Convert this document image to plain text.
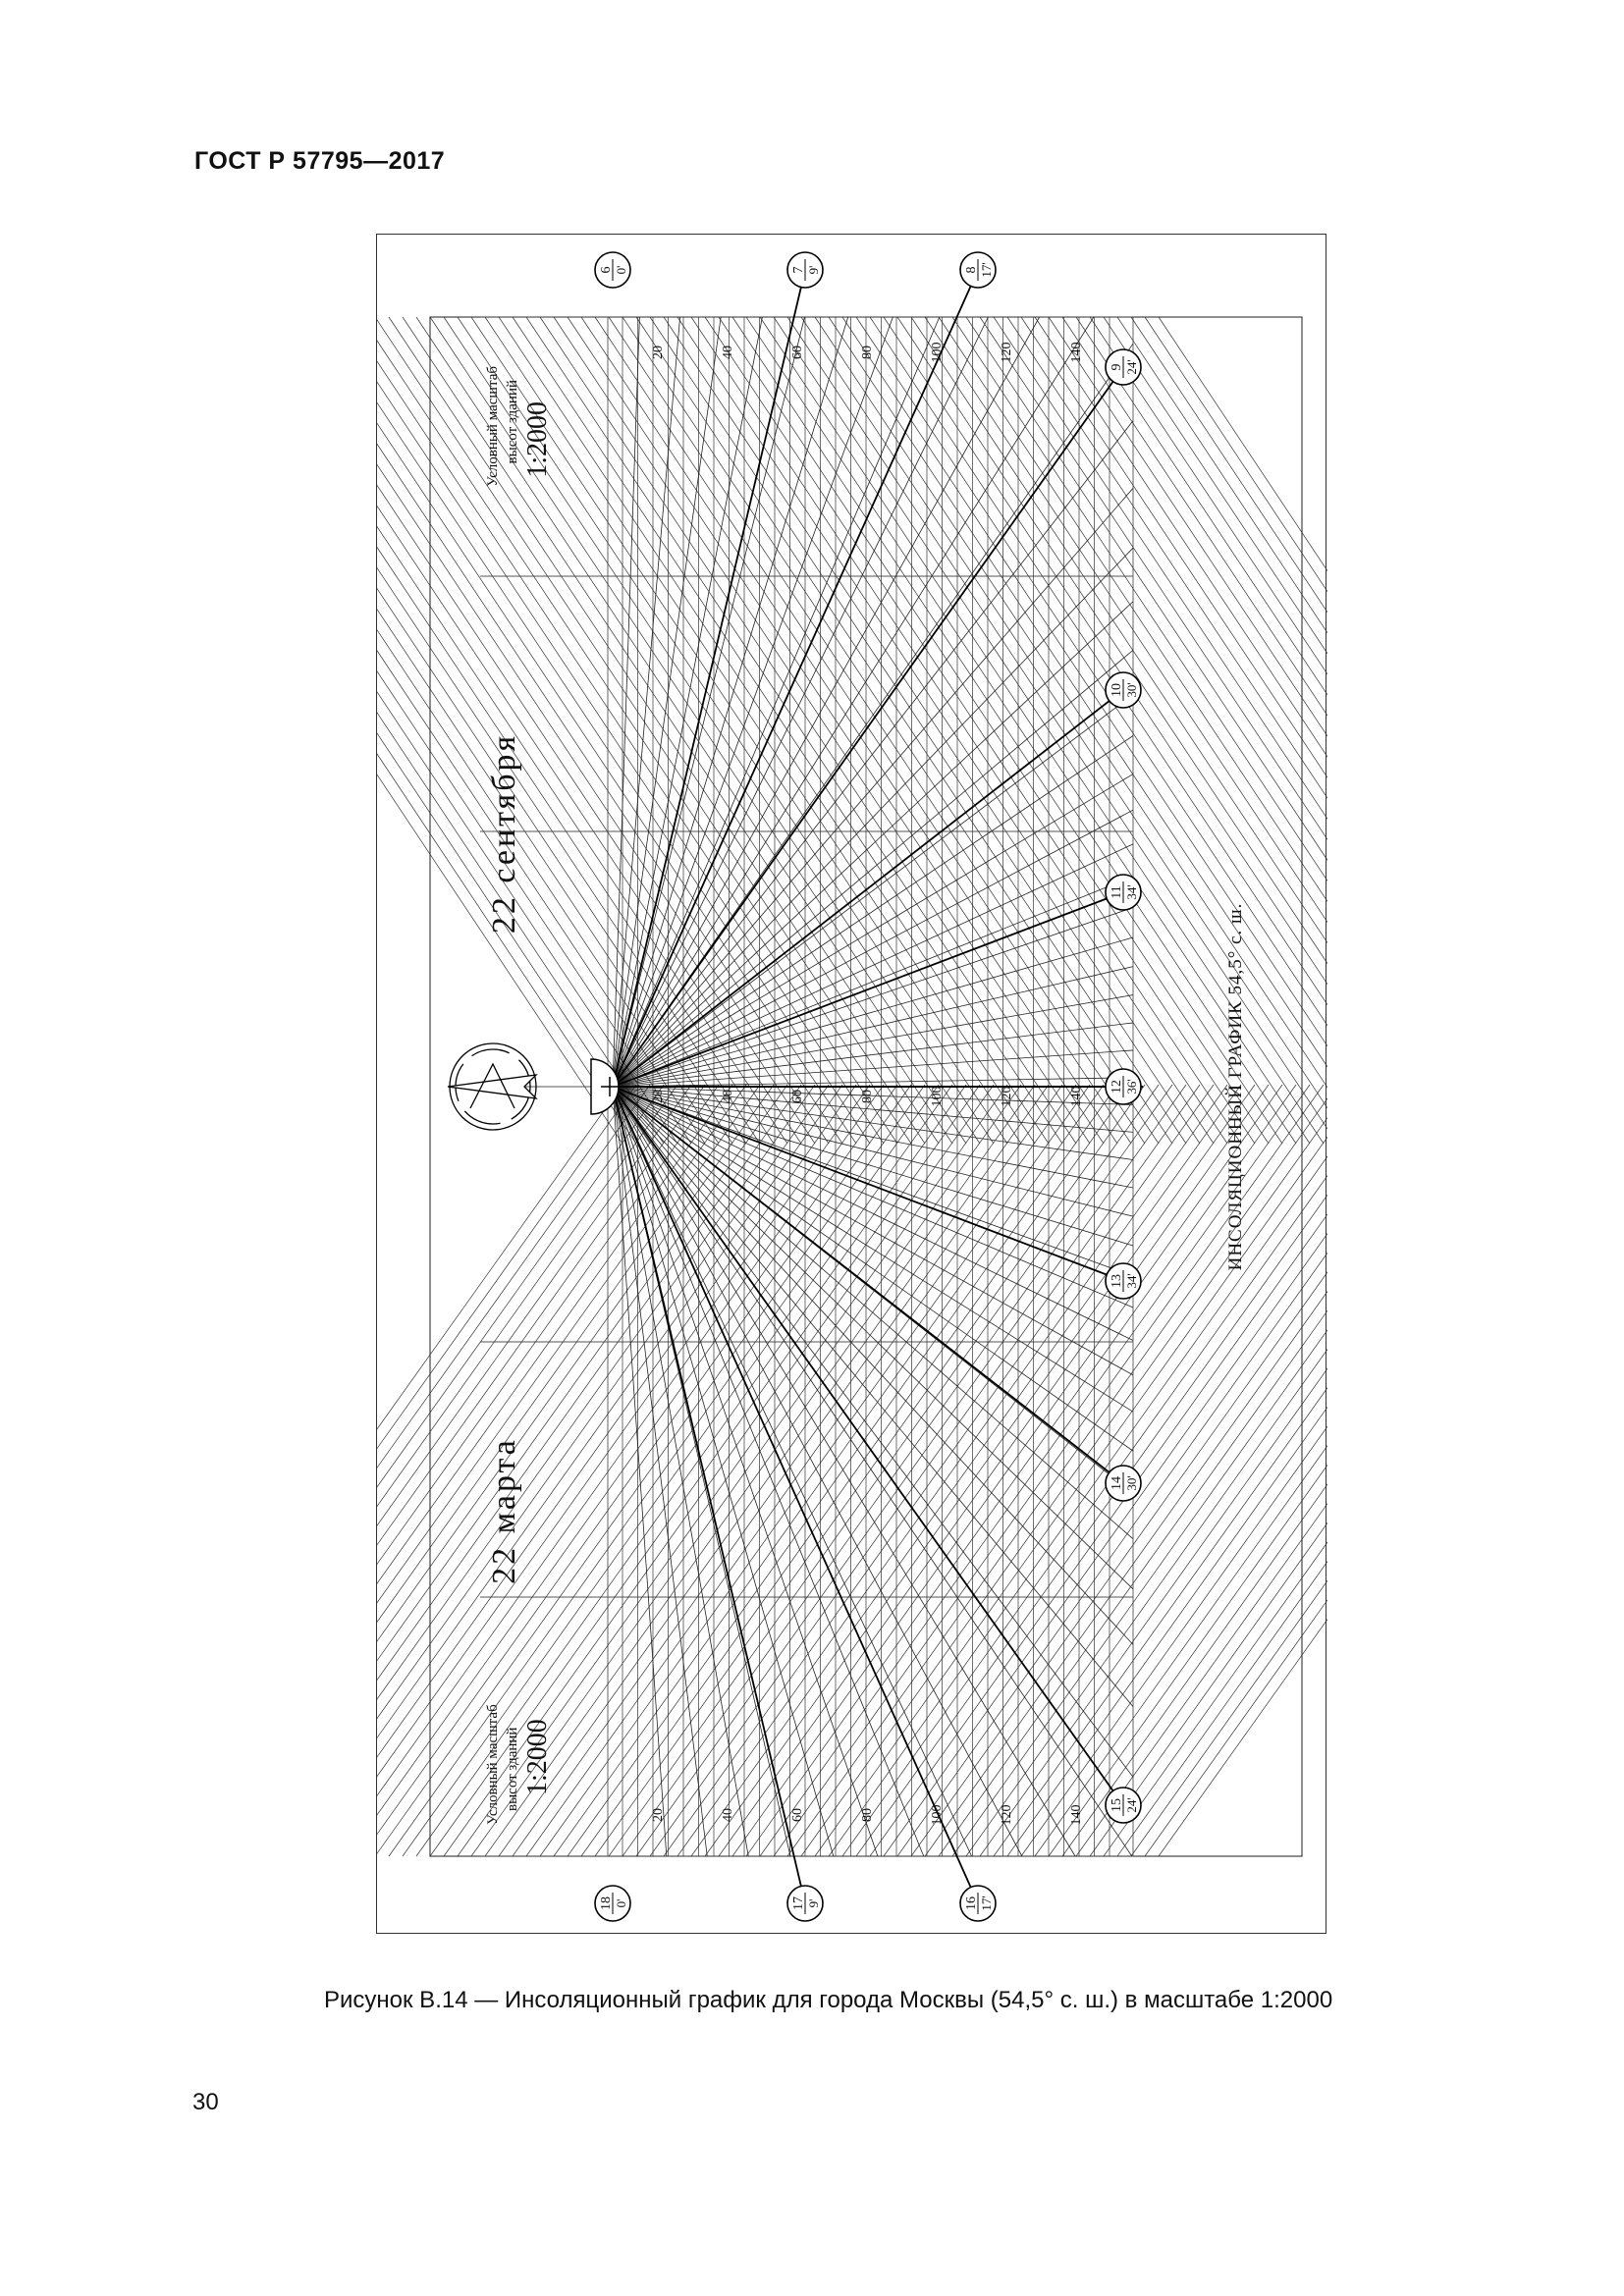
ГОСТ Р 57795—2017
Условный масштаб высот зданий 1:2000
22 сентября
22 марта
Условный масштаб высот зданий 1:2000
ИНСОЛЯЦИОННЫЙ ГРАФИК 54,5° с. ш.
20
20
20
40
40
40
60
60
60
80
80
80
100
100
100
120
120
120
140
140
140
6 0'	7 9'	8 17'
9 24'
10 30'
11 34'
12 36'
13 34'
14 30'
15 24'
16 17'
17 9'
18 0'
Рисунок В.14 — Инсоляционный график для города Москвы (54,5° с. ш.) в масштабе 1:2000
30
